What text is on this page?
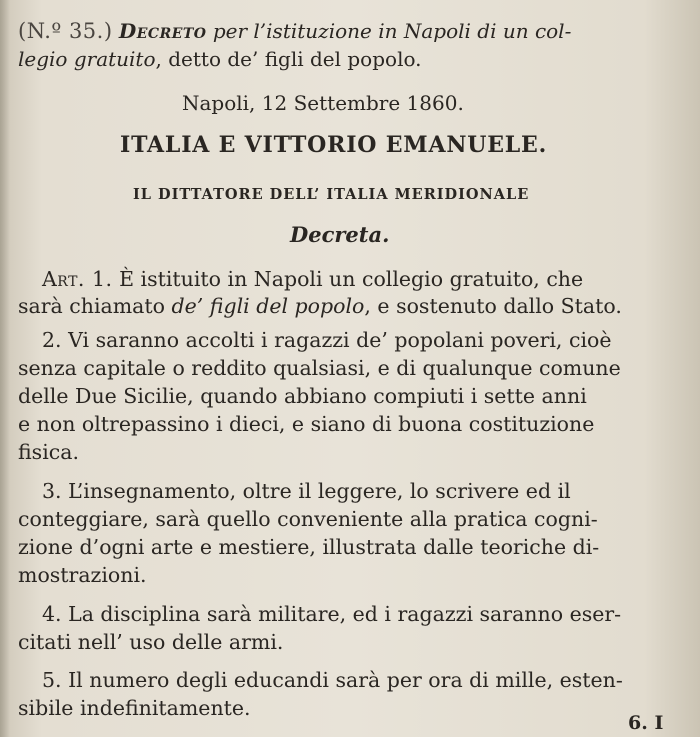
(N.º 35.) Decreto per l’istituzione in Napoli di un col-
legio gratuito, detto de’ figli del popolo.
Napoli, 12 Settembre 1860.
ITALIA E VITTORIO EMANUELE.
IL DITTATORE DELL’ ITALIA MERIDIONALE
Decreta.
Art. 1. È istituito in Napoli un collegio gratuito, che
sarà chiamato de’ figli del popolo, e sostenuto dallo Stato.
2. Vi saranno accolti i ragazzi de’ popolani poveri, cioè
senza capitale o reddito qualsiasi, e di qualunque comune
delle Due Sicilie, quando abbiano compiuti i sette anni
e non oltrepassino i dieci, e siano di buona costituzione
fisica.
3. L’insegnamento, oltre il leggere, lo scrivere ed il
conteggiare, sarà quello conveniente alla pratica cogni-
zione d’ogni arte e mestiere, illustrata dalle teoriche di-
mostrazioni.
4. La disciplina sarà militare, ed i ragazzi saranno eser-
citati nell’ uso delle armi.
5. Il numero degli educandi sarà per ora di mille, esten-
sibile indefinitamente.
6. I
